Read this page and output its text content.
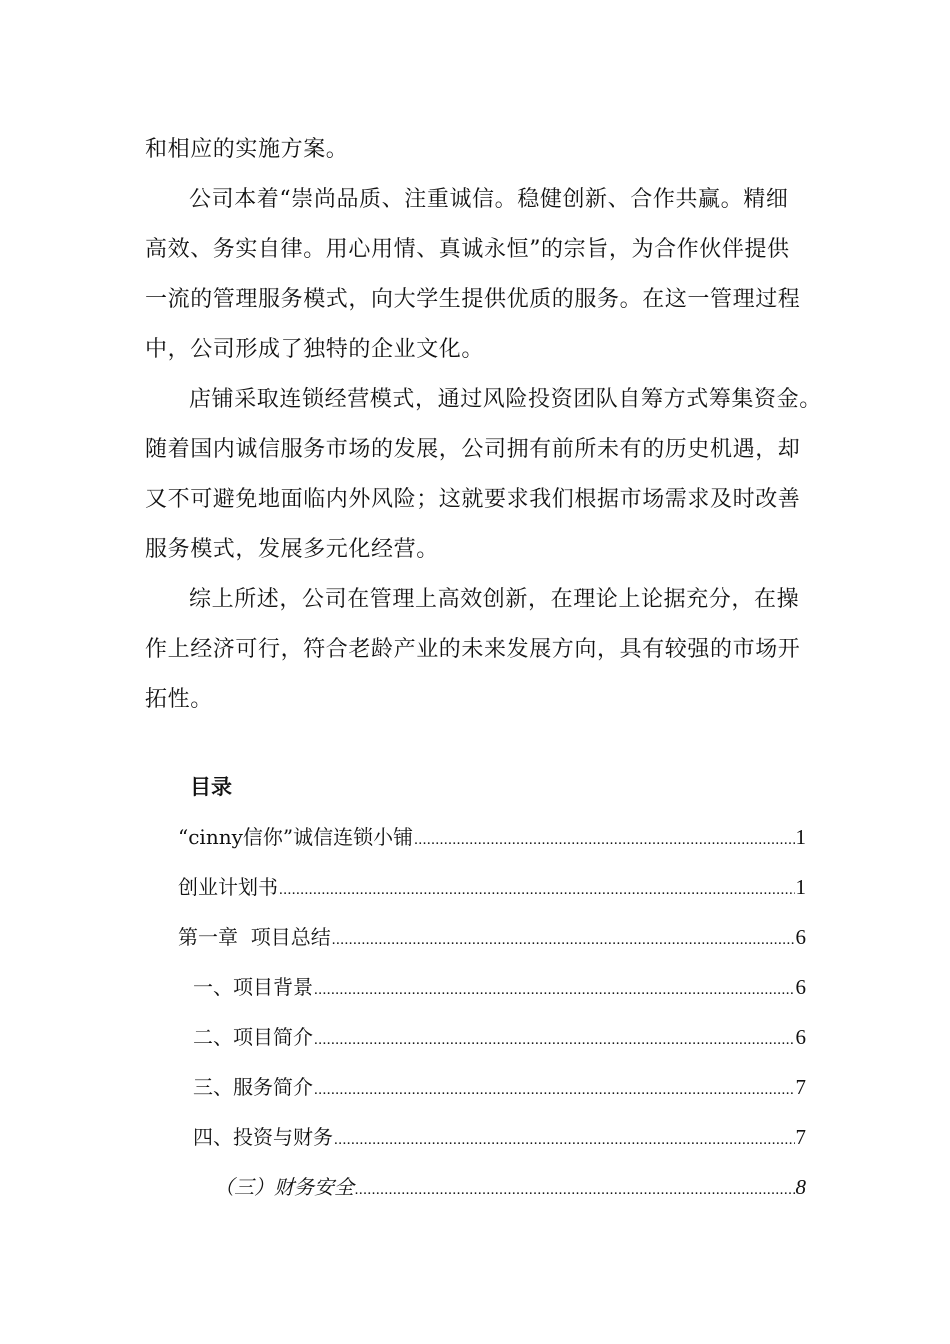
和相应的实施方案。
公司本着“崇尚品质、注重诚信。稳健创新、合作共赢。精细
高效、务实自律。用心用情、真诚永恒”的宗旨，为合作伙伴提供
一流的管理服务模式，向大学生提供优质的服务。在这一管理过程
中，公司形成了独特的企业文化。
店铺采取连锁经营模式，通过风险投资团队自筹方式筹集资金。
随着国内诚信服务市场的发展，公司拥有前所未有的历史机遇，却
又不可避免地面临内外风险；这就要求我们根据市场需求及时改善
服务模式，发展多元化经营。
综上所述，公司在管理上高效创新，在理论上论据充分，在操
作上经济可行，符合老龄产业的未来发展方向，具有较强的市场开
拓性。
目录
“cinny信你”诚信连锁小铺 .....	1
创业计划书 .....	1
第一章  项目总结 .....	6
一、项目背景 .....	6
二、项目简介 .....	6
三、服务简介 .....	7
四、投资与财务 .....	7
（三）财务安全 .....	8
